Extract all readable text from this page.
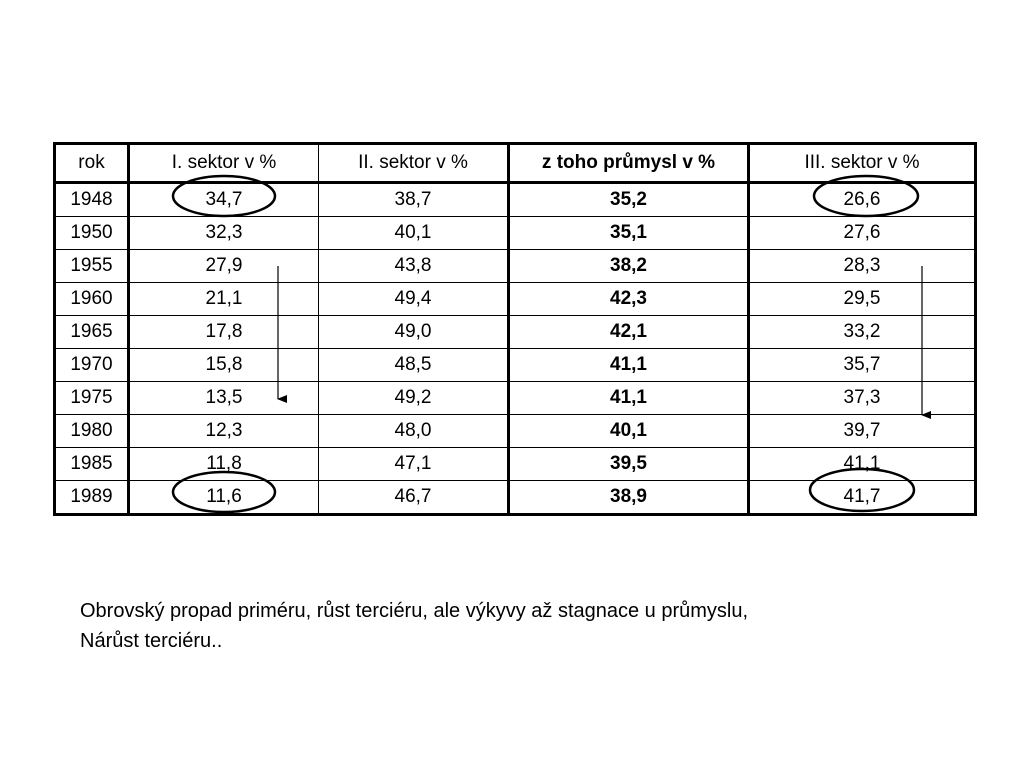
rok	I. sektor v %	II. sektor v %	z toho průmysl v %	III. sektor v %
1948	34,7	38,7	35,2	26,6
1950	32,3	40,1	35,1	27,6
1955	27,9	43,8	38,2	28,3
1960	21,1	49,4	42,3	29,5
1965	17,8	49,0	42,1	33,2
1970	15,8	48,5	41,1	35,7
1975	13,5	49,2	41,1	37,3
1980	12,3	48,0	40,1	39,7
1985	11,8	47,1	39,5	41,1
1989	11,6	46,7	38,9	41,7
Obrovský propad priméru, růst terciéru, ale výkyvy až stagnace u průmyslu,
Nárůst terciéru..
